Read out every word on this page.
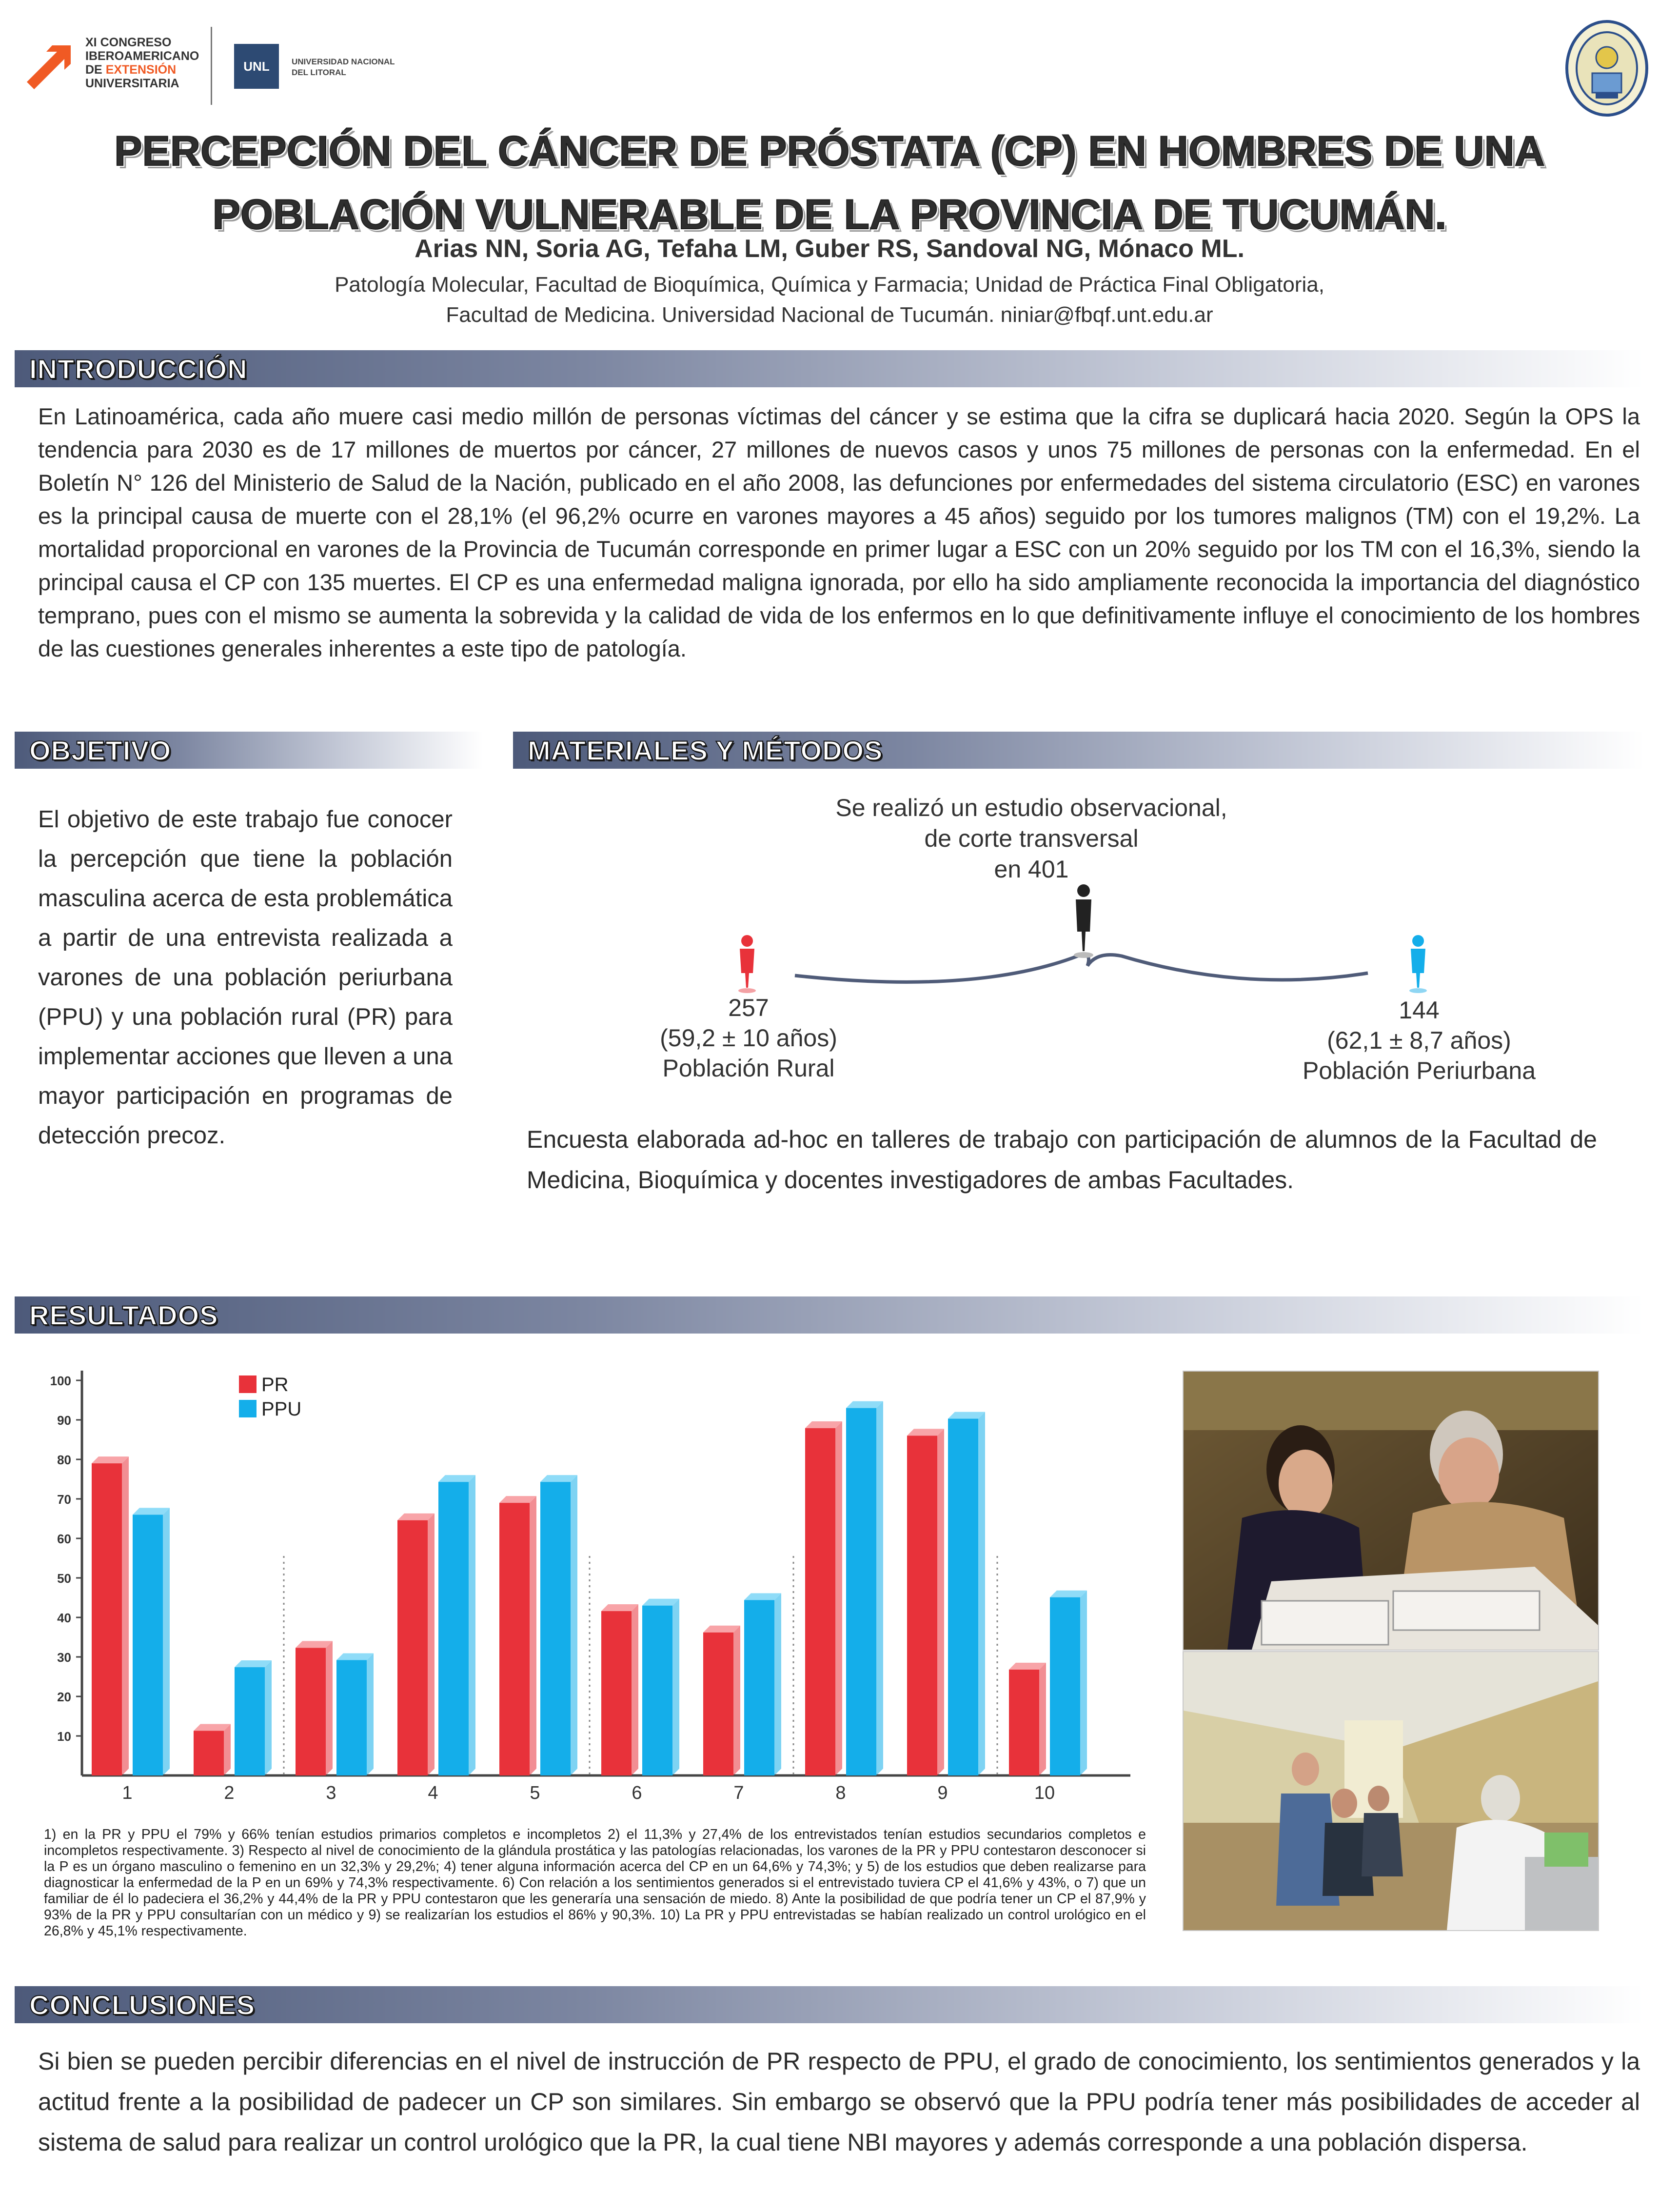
XI CONGRESO
IBEROAMERICANO
DE EXTENSIÓN
UNIVERSITARIA
UNL	UNIVERSIDAD NACIONAL
DEL LITORAL
PERCEPCIÓN DEL CÁNCER DE PRÓSTATA (CP) EN HOMBRES DE UNA
POBLACIÓN VULNERABLE DE LA PROVINCIA DE TUCUMÁN.
Arias NN, Soria AG, Tefaha LM, Guber RS, Sandoval NG, Mónaco ML.
Patología Molecular, Facultad de Bioquímica, Química y Farmacia; Unidad de Práctica Final Obligatoria,
Facultad de Medicina. Universidad Nacional de Tucumán. niniar@fbqf.unt.edu.ar
INTRODUCCIÓN
En Latinoamérica, cada año muere casi medio millón de personas víctimas del cáncer y se estima que la cifra se duplicará hacia 2020. Según la OPS la tendencia para 2030 es de 17 millones de muertos por cáncer, 27 millones de nuevos casos y unos 75 millones de personas con la enfermedad. En el Boletín N° 126 del Ministerio de Salud de la Nación, publicado en el año 2008, las defunciones por enfermedades del sistema circulatorio (ESC) en varones es la principal causa de muerte con el 28,1% (el 96,2% ocurre en varones mayores a 45 años) seguido por los tumores malignos (TM) con el 19,2%. La mortalidad proporcional en varones de la Provincia de Tucumán corresponde en primer lugar a ESC con un 20% seguido por los TM con el 16,3%, siendo la principal causa el CP con 135 muertes. El CP es una enfermedad maligna ignorada, por ello ha sido ampliamente reconocida la importancia del diagnóstico temprano, pues con el mismo se aumenta la sobrevida y la calidad de vida de los enfermos en lo que definitivamente influye el conocimiento de los hombres de las cuestiones generales inherentes a este tipo de patología.
OBJETIVO
El objetivo de este trabajo fue conocer la percepción que tiene la población masculina acerca de esta problemática a partir de una entrevista realizada a varones de una población periurbana (PPU) y una población rural (PR) para implementar acciones que lleven a una mayor participación en programas de detección precoz.
MATERIALES Y MÉTODOS
Se realizó un estudio observacional,
de corte transversal
en 401
257
(59,2 ± 10 años)
Población Rural
144
(62,1 ± 8,7 años)
Población Periurbana
Encuesta elaborada ad-hoc en talleres de trabajo con participación de alumnos de la Facultad de Medicina, Bioquímica y docentes investigadores de ambas Facultades.
RESULTADOS
10
20
30
40
50
60
70
80
90
100
1	2	3	4	5	6	7	8	9	10
PR
PPU
1) en la PR y PPU el 79% y 66% tenían estudios primarios completos e incompletos 2) el 11,3% y 27,4% de los entrevistados tenían estudios secundarios completos e incompletos respectivamente. 3) Respecto al nivel de conocimiento de la glándula prostática y las patologías relacionadas, los varones de la PR y PPU contestaron desconocer si la P es un órgano masculino o femenino en un 32,3% y 29,2%; 4) tener alguna información acerca del CP en un 64,6% y 74,3%; y 5) de los estudios que deben realizarse para diagnosticar la enfermedad de la P en un 69% y 74,3% respectivamente. 6) Con relación a los sentimientos generados si el entrevistado tuviera CP el 41,6% y 43%, o 7) que un familiar de él lo padeciera el 36,2% y 44,4% de la PR y PPU contestaron que les generaría una sensación de miedo. 8) Ante la posibilidad de que podría tener un CP el 87,9% y 93% de la PR y PPU consultarían con un médico y 9) se realizarían los estudios el 86% y 90,3%. 10) La PR y PPU entrevistadas se habían realizado un control urológico en el 26,8% y 45,1% respectivamente.
CONCLUSIONES
Si bien se pueden percibir diferencias en el nivel de instrucción de PR respecto de PPU, el grado de conocimiento, los sentimientos generados y la actitud frente a la posibilidad de padecer un CP son similares. Sin embargo se observó que la PPU podría tener más posibilidades de acceder al sistema de salud para realizar un control urológico que la PR, la cual tiene NBI mayores y además corresponde a una población dispersa.
